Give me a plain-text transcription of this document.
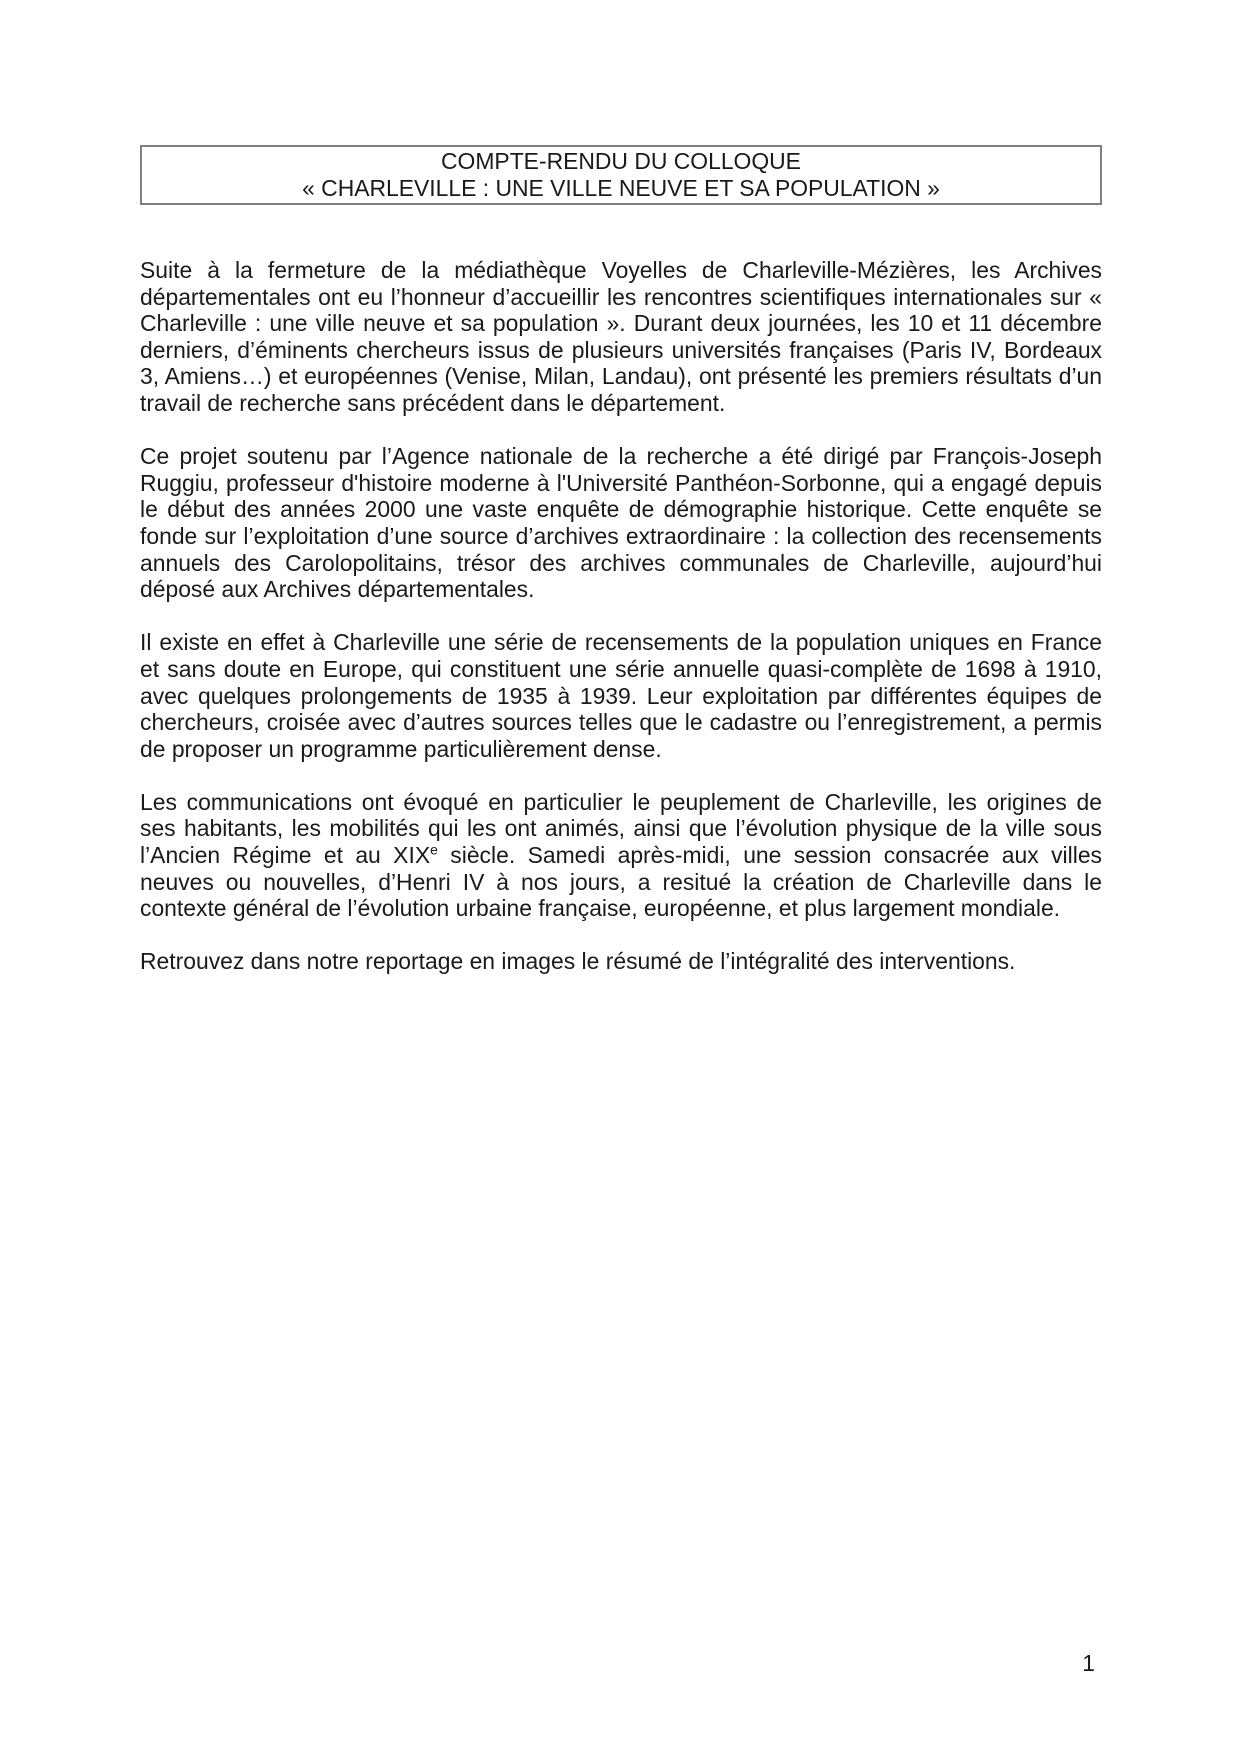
COMPTE-RENDU DU COLLOQUE
« CHARLEVILLE : UNE VILLE NEUVE ET SA POPULATION »

Suite à la fermeture de la médiathèque Voyelles de Charleville-Mézières, les Archives départementales ont eu l’honneur d’accueillir les rencontres scientifiques internationales sur « Charleville : une ville neuve et sa population ». Durant deux journées, les 10 et 11 décembre derniers, d’éminents chercheurs issus de plusieurs universités françaises (Paris IV, Bordeaux 3, Amiens…) et européennes (Venise, Milan, Landau), ont présenté les premiers résultats d’un travail de recherche sans précédent dans le département.

Ce projet soutenu par l’Agence nationale de la recherche a été dirigé par François-Joseph Ruggiu, professeur d'histoire moderne à l'Université Panthéon-Sorbonne, qui a engagé depuis le début des années 2000 une vaste enquête de démographie historique. Cette enquête se fonde sur l’exploitation d’une source d’archives extraordinaire : la collection des recensements annuels des Carolopolitains, trésor des archives communales de Charleville, aujourd’hui déposé aux Archives départementales.

Il existe en effet à Charleville une série de recensements de la population uniques en France et sans doute en Europe, qui constituent une série annuelle quasi-complète de 1698 à 1910, avec quelques prolongements de 1935 à 1939. Leur exploitation par différentes équipes de chercheurs, croisée avec d’autres sources telles que le cadastre ou l’enregistrement, a permis de proposer un programme particulièrement dense.

Les communications ont évoqué en particulier le peuplement de Charleville, les origines de ses habitants, les mobilités qui les ont animés, ainsi que l’évolution physique de la ville sous l’Ancien Régime et au XIXe siècle. Samedi après-midi, une session consacrée aux villes neuves ou nouvelles, d’Henri IV à nos jours, a resitué la création de Charleville dans le contexte général de l’évolution urbaine française, européenne, et plus largement mondiale.

Retrouvez dans notre reportage en images le résumé de l’intégralité des interventions.

1
